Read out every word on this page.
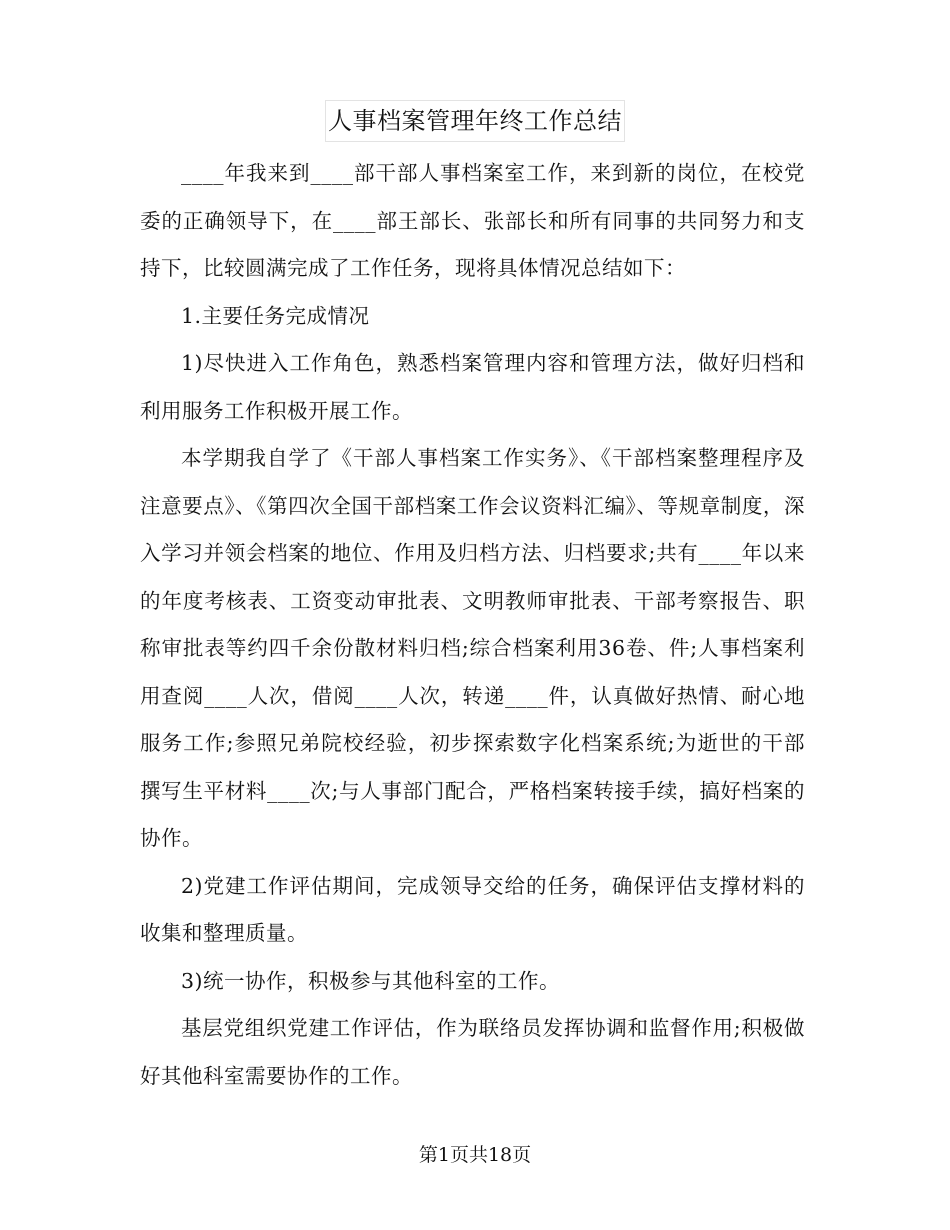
人事档案管理年终工作总结

____年我来到____部干部人事档案室工作，来到新的岗位，在校党委的正确领导下，在____部王部长、张部长和所有同事的共同努力和支持下，比较圆满完成了工作任务，现将具体情况总结如下：

1.主要任务完成情况

1)尽快进入工作角色，熟悉档案管理内容和管理方法，做好归档和利用服务工作积极开展工作。

本学期我自学了《干部人事档案工作实务》、《干部档案整理程序及注意要点》、《第四次全国干部档案工作会议资料汇编》、等规章制度，深入学习并领会档案的地位、作用及归档方法、归档要求;共有____年以来的年度考核表、工资变动审批表、文明教师审批表、干部考察报告、职称审批表等约四千余份散材料归档;综合档案利用36卷、件;人事档案利用查阅____人次，借阅____人次，转递____件，认真做好热情、耐心地服务工作;参照兄弟院校经验，初步探索数字化档案系统;为逝世的干部撰写生平材料____次;与人事部门配合，严格档案转接手续，搞好档案的协作。

2)党建工作评估期间，完成领导交给的任务，确保评估支撑材料的收集和整理质量。

3)统一协作，积极参与其他科室的工作。

基层党组织党建工作评估，作为联络员发挥协调和监督作用;积极做好其他科室需要协作的工作。

第1页共18页
